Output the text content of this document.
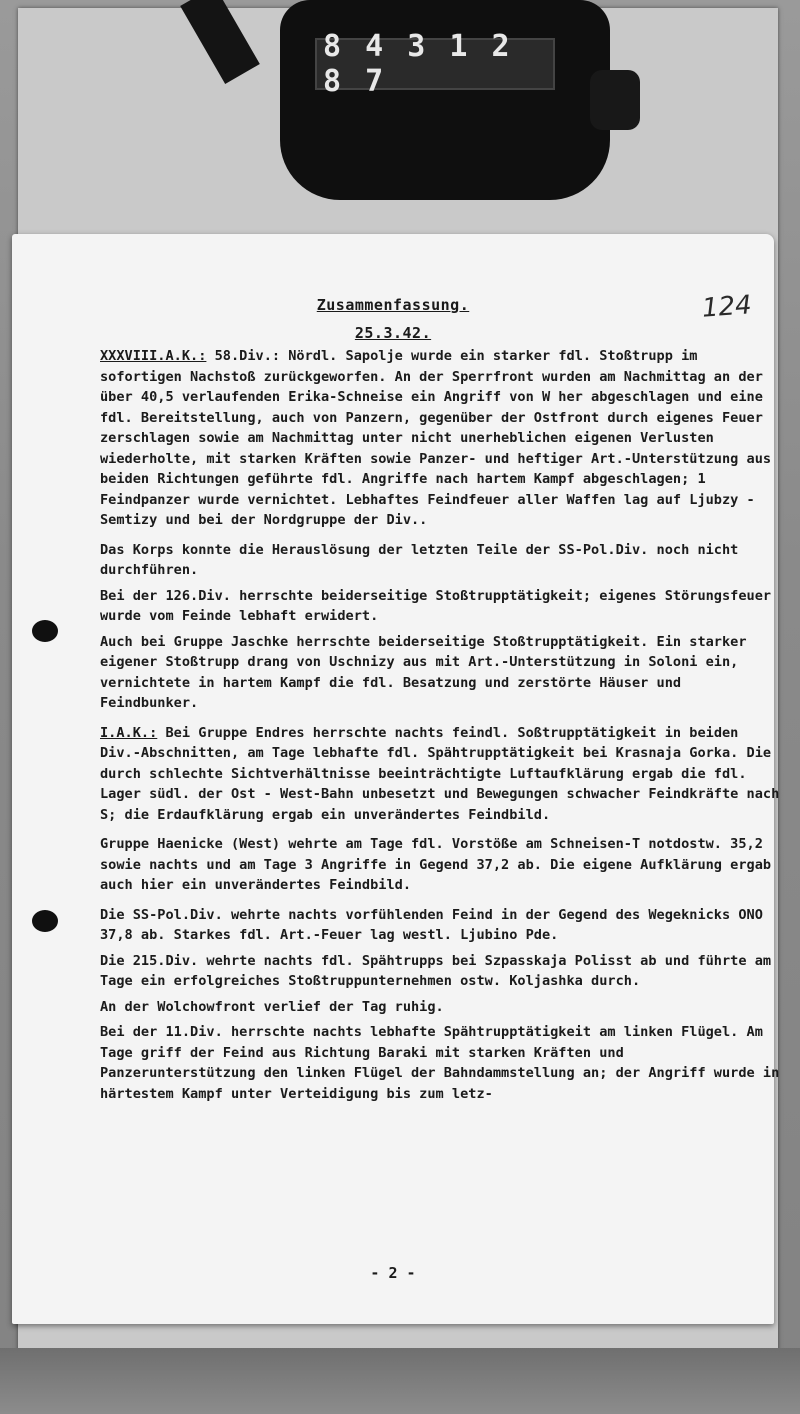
8 4 3 1 2 8 7
Zusammenfassung.
25.3.42.
124

XXXVIII.A.K.: 58.Div.: Nördl. Sapolje wurde ein starker fdl. Stoßtrupp im sofortigen Nachstoß zurückgeworfen. An der Sperrfront wurden am Nachmittag an der über 40,5 verlaufenden Erika-Schneise ein Angriff von W her abgeschlagen und eine fdl. Bereitstellung, auch von Panzern, gegenüber der Ostfront durch eigenes Feuer zerschlagen sowie am Nachmittag unter nicht unerheblichen eigenen Verlusten wiederholte, mit starken Kräften sowie Panzer- und heftiger Art.-Unterstützung aus beiden Richtungen geführte fdl. Angriffe nach hartem Kampf abgeschlagen; 1 Feindpanzer wurde vernichtet. Lebhaftes Feindfeuer aller Waffen lag auf Ljubzy - Semtizy und bei der Nordgruppe der Div..

Das Korps konnte die Herauslösung der letzten Teile der SS-Pol.Div. noch nicht durchführen.

Bei der 126.Div. herrschte beiderseitige Stoßtrupptätigkeit; eigenes Störungsfeuer wurde vom Feinde lebhaft erwidert.

Auch bei Gruppe Jaschke herrschte beiderseitige Stoßtrupptätigkeit. Ein starker eigener Stoßtrupp drang von Uschnizy aus mit Art.-Unterstützung in Soloni ein, vernichtete in hartem Kampf die fdl. Besatzung und zerstörte Häuser und Feindbunker.

I.A.K.: Bei Gruppe Endres herrschte nachts feindl. Soßtrupptätigkeit in beiden Div.-Abschnitten, am Tage lebhafte fdl. Spähtrupptätigkeit bei Krasnaja Gorka. Die durch schlechte Sichtverhältnisse beeinträchtigte Luftaufklärung ergab die fdl. Lager südl. der Ost - West-Bahn unbesetzt und Bewegungen schwacher Feindkräfte nach S; die Erdaufklärung ergab ein unverändertes Feindbild.

Gruppe Haenicke (West) wehrte am Tage fdl. Vorstöße am Schneisen-T notdostw. 35,2 sowie nachts und am Tage 3 Angriffe in Gegend 37,2 ab. Die eigene Aufklärung ergab auch hier ein unverändertes Feindbild.

Die SS-Pol.Div. wehrte nachts vorfühlenden Feind in der Gegend des Wegeknicks ONO 37,8 ab. Starkes fdl. Art.-Feuer lag westl. Ljubino Pde.

Die 215.Div. wehrte nachts fdl. Spähtrupps bei Szpasskaja Polisst ab und führte am Tage ein erfolgreiches Stoßtruppunternehmen ostw. Koljashka durch.

An der Wolchowfront verlief der Tag ruhig.

Bei der 11.Div. herrschte nachts lebhafte Spähtrupptätigkeit am linken Flügel. Am Tage griff der Feind aus Richtung Baraki mit starken Kräften und Panzerunterstützung den linken Flügel der Bahndammstellung an; der Angriff wurde in härtestem Kampf unter Verteidigung bis zum letz-

- 2 -
